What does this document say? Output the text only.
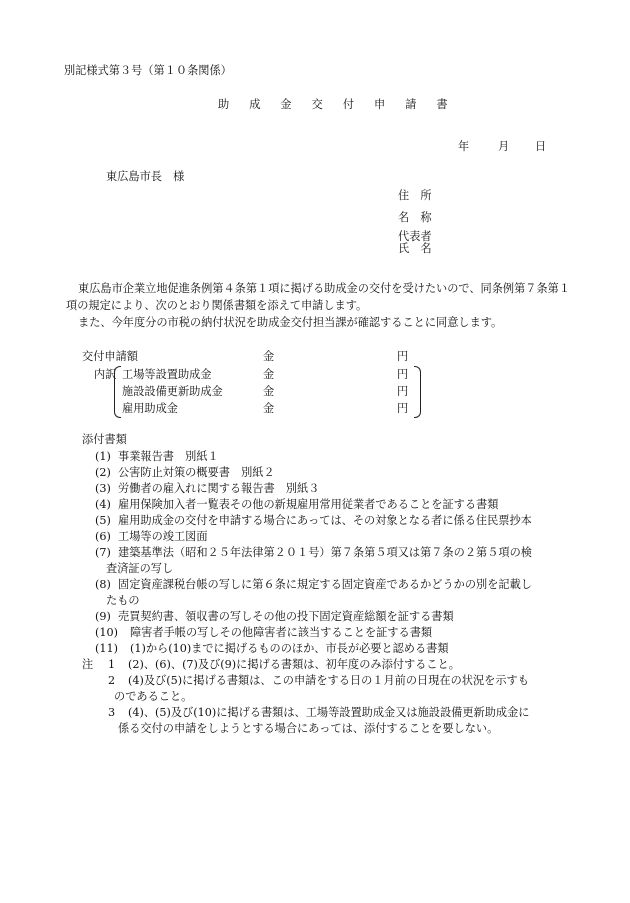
別記様式第３号（第１０条関係）
助 成 金 交 付 申 請 書
年	月 日
東広島市長　様
住　所
名　称
代表者
氏　名
東広島市企業立地促進条例第４条第１項に掲げる助成金の交付を受けたいので、同条例第７条第１項の規定により、次のとおり関係書類を添えて申請します。
また、今年度分の市税の納付状況を助成金交付担当課が確認することに同意します。
交付申請額	金	円
内訳 工場等設置助成金	金	円
施設設備更新助成金	金	円
雇用助成金	金	円
添付書類
(1) 事業報告書　別紙１
(2) 公害防止対策の概要書　別紙２
(3) 労働者の雇入れに関する報告書　別紙３
(4) 雇用保険加入者一覧表その他の新規雇用常用従業者であることを証する書類
(5) 雇用助成金の交付を申請する場合にあっては、その対象となる者に係る住民票抄本
(6) 工場等の竣工図面
(7) 建築基準法（昭和２５年法律第２０１号）第７条第５項又は第７条の２第５項の検
査済証の写し
(8) 固定資産課税台帳の写しに第６条に規定する固定資産であるかどうかの別を記載し
たもの
(9) 売買契約書、領収書の写しその他の投下固定資産総額を証する書類
(10) 障害者手帳の写しその他障害者に該当することを証する書類
(11) (1)から(10)までに掲げるもののほか、市長が必要と認める書類
注 1 (2)、(6)、(7)及び(9)に掲げる書類は、初年度のみ添付すること。
2 (4)及び(5)に掲げる書類は、この申請をする日の１月前の日現在の状況を示すも
のであること。
3 (4)、(5)及び(10)に掲げる書類は、工場等設置助成金又は施設設備更新助成金に
係る交付の申請をしようとする場合にあっては、添付することを要しない。
